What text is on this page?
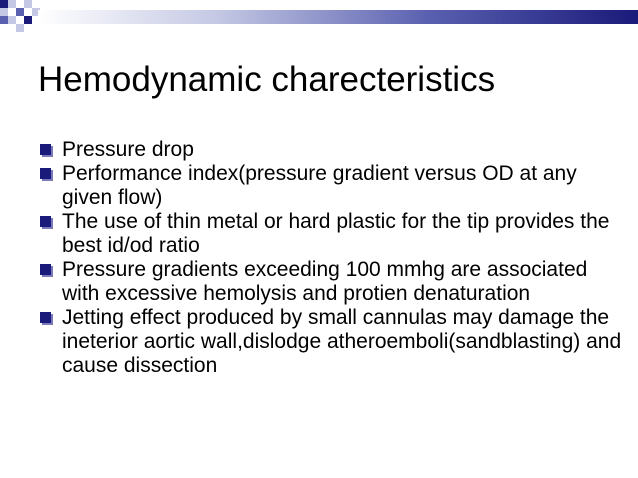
Hemodynamic charecteristics
Pressure drop
Performance index(pressure gradient versus OD at any given flow)
The use of thin metal or hard plastic for the tip provides the best id/od ratio
Pressure gradients exceeding 100 mmhg are associated with excessive hemolysis and protien denaturation
Jetting effect produced by small cannulas may damage the ineterior aortic wall,dislodge atheroemboli(sandblasting) and cause dissection
